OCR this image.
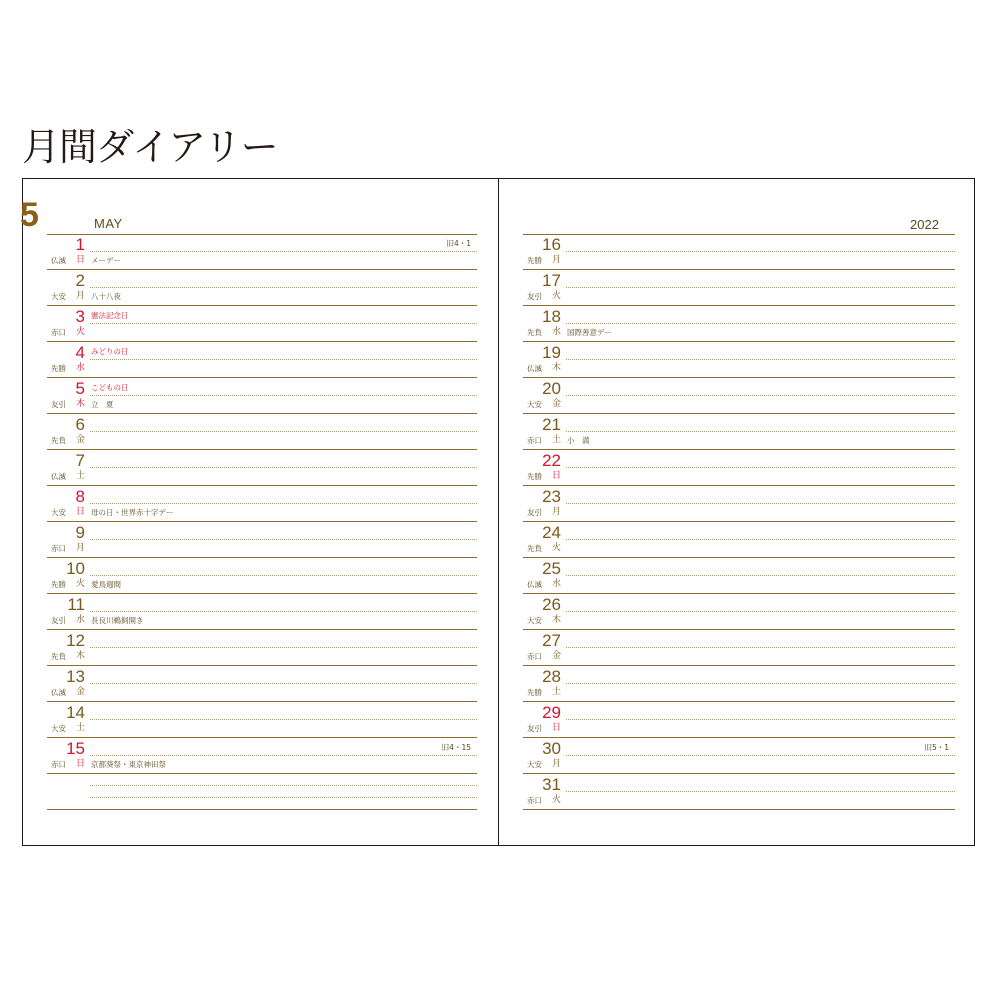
月間ダイアリー
5	MAY	2022
1
仏滅 日 メーデー
旧4・1
2
大安 月 八十八夜
3
赤口 火
憲法記念日
4
先勝 水
みどりの日
5
友引 木
こどもの日
立　夏
6
先負 金
7
仏滅 土
8
大安 日 母の日・世界赤十字デー
9
赤口 月
10
先勝 火 愛鳥週間
11
友引 水 長良川鵜飼開き
12
先負 木
13
仏滅 金
14
大安 土
15
赤口 日 京都葵祭・東京神田祭
旧4・15
16
先勝 月
17
友引 火
18
先負 水 国際善意デー
19
仏滅 木
20
大安 金
21
赤口 土 小　満
22
先勝 日
23
友引 月
24
先負 火
25
仏滅 水
26
大安 木
27
赤口 金
28
先勝 土
29
友引 日
30
大安 月
旧5・1
31
赤口 火
